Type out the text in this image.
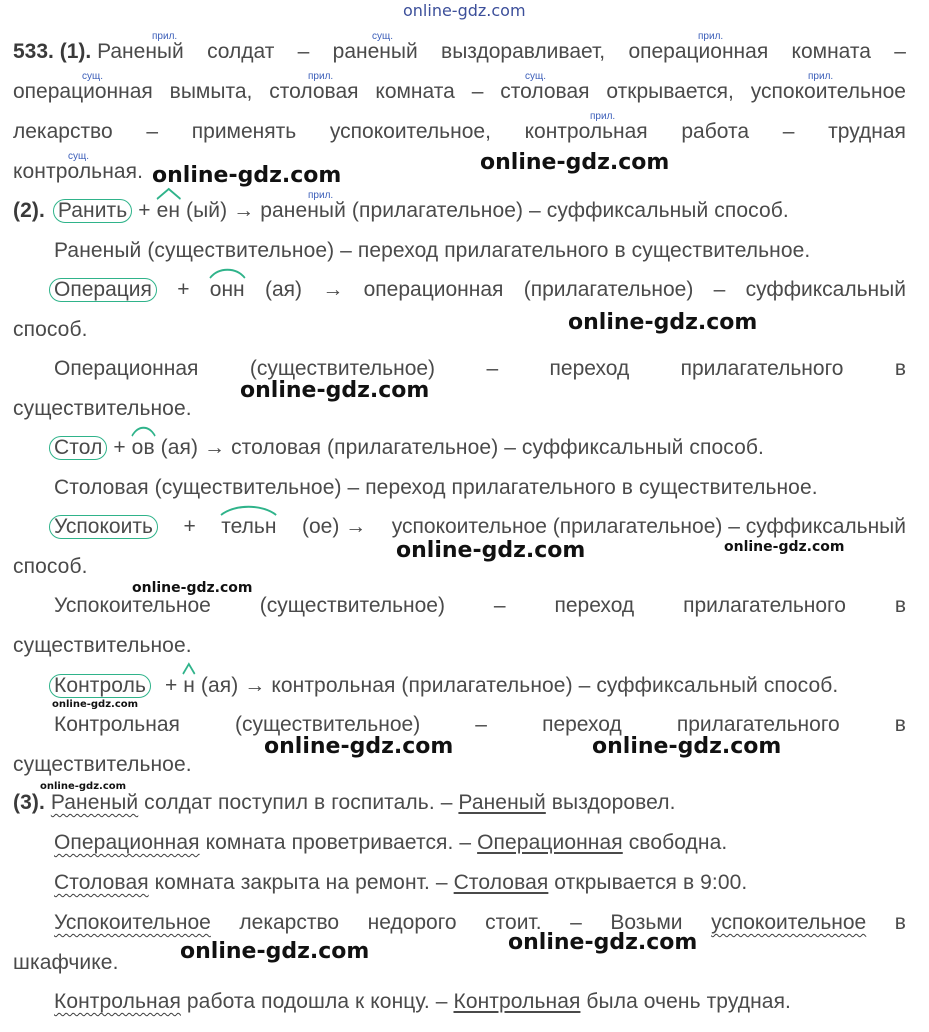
online-gdz.com
прил.	сущ.	прил.
533. (1). Раненый солдат – раненый выздоравливает, операционная комната –
сущ.	прил.	сущ.	прил.
операционная вымыта, столовая комната – столовая открывается, успокоительное
прил.
лекарство – применять успокоительное, контрольная работа – трудная
сущ.
контрольная.
прил.
(2). Ранить + ен (ый) → раненый (прилагательное) – суффиксальный способ.
Раненый (существительное) – переход прилагательного в существительное.
Операция + онн (ая) → операционная (прилагательное) – суффиксальный
способ.
Операционная (существительное) – переход прилагательного в
существительное.
Стол + ов (ая) → столовая (прилагательное) – суффиксальный способ.
Столовая (существительное) – переход прилагательного в существительное.
Успокоить + тельн (ое) → успокоительное (прилагательное) – суффиксальный
способ.
Успокоительное (существительное) – переход прилагательного в
существительное.
Контроль + н (ая) → контрольная (прилагательное) – суффиксальный способ.
Контрольная	(существительное)	–	переход	прилагательного	в
существительное.
(3). Раненый солдат поступил в госпиталь. – Раненый выздоровел.
Операционная комната проветривается. – Операционная свободна.
Столовая комната закрыта на ремонт. – Столовая открывается в 9:00.
Успокоительное лекарство недорого стоит. – Возьми успокоительное в
шкафчике.
Контрольная работа подошла к концу. – Контрольная была очень трудная.
online-gdz.com
online-gdz.com
online-gdz.com
online-gdz.com
online-gdz.com	online-gdz.com
online-gdz.com
online-gdz.com
online-gdz.com	online-gdz.com
online-gdz.com
online-gdz.com
online-gdz.com
